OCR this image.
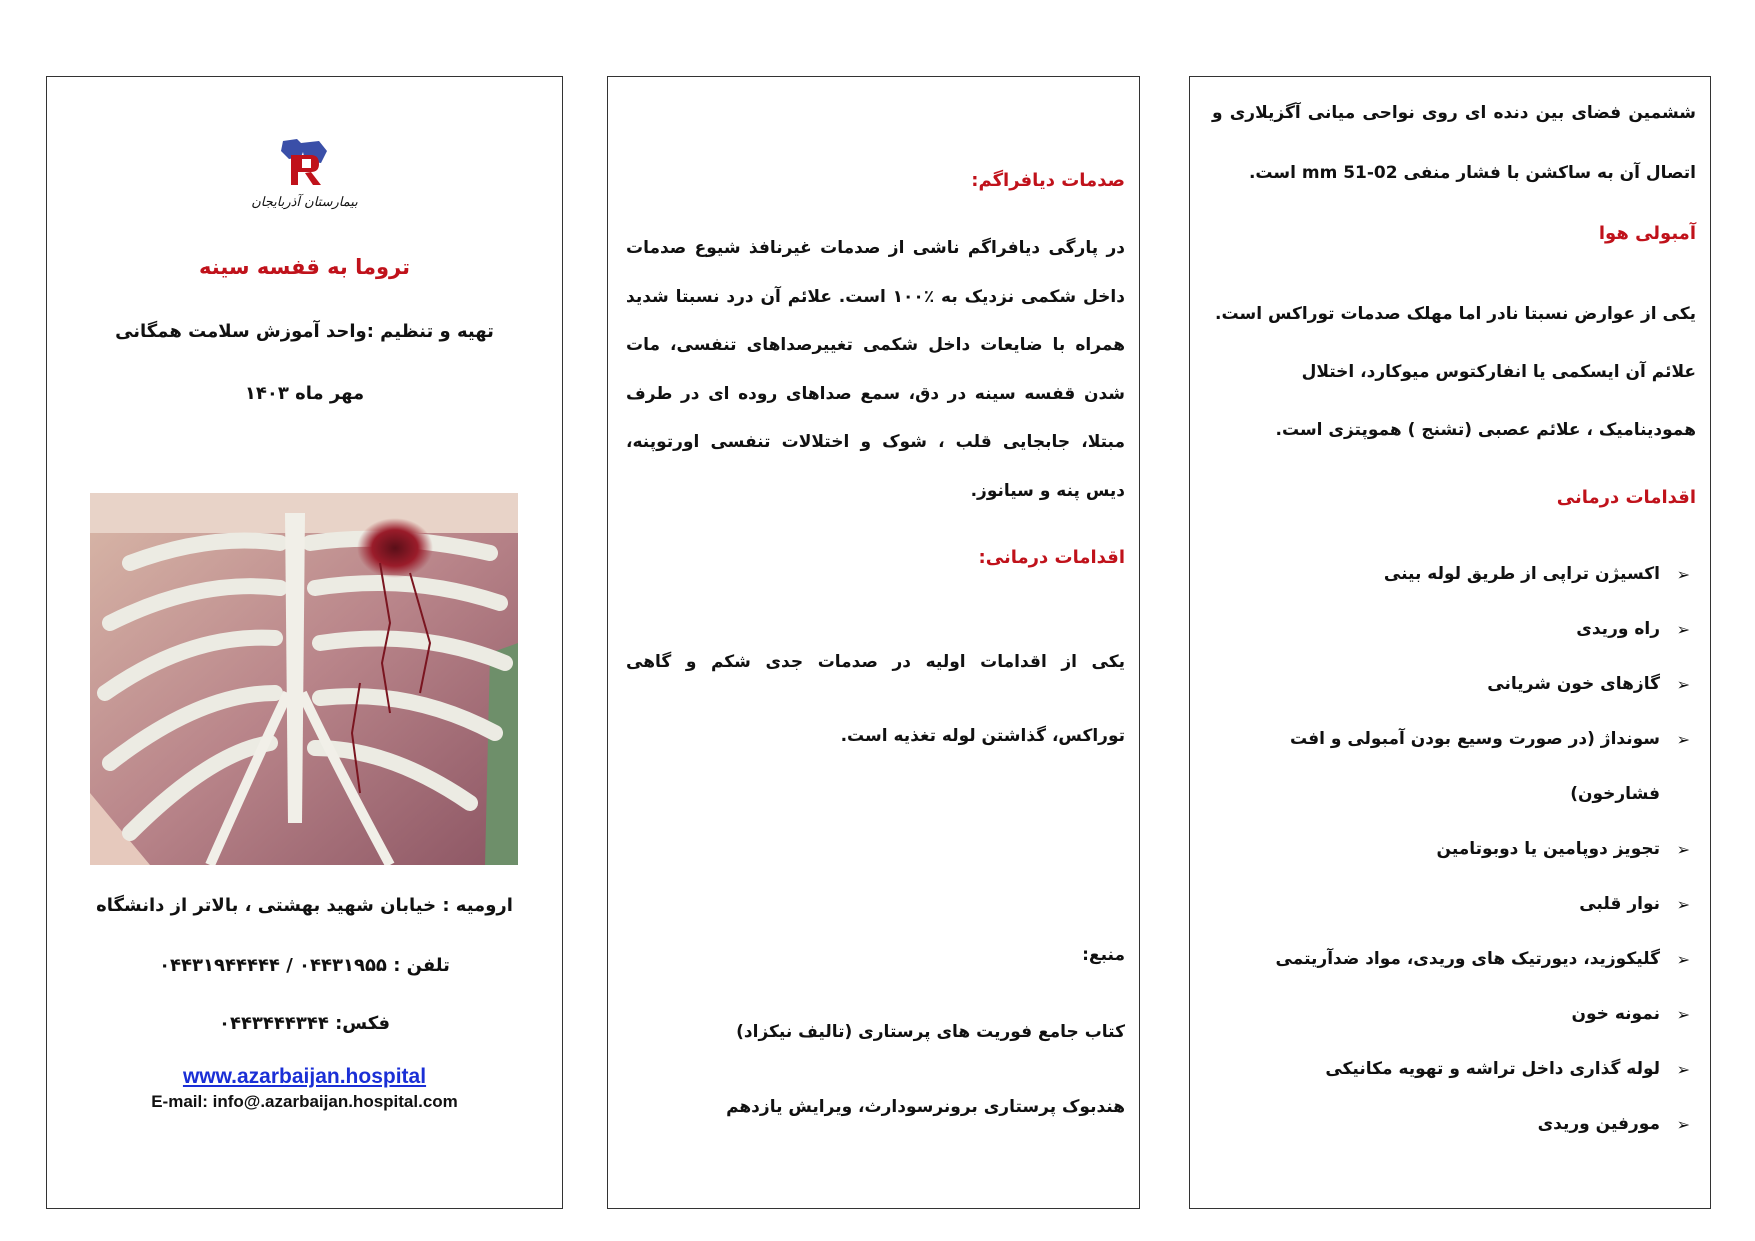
بیمارستان آذربایجان
تروما به قفسه سینه
تهیه و تنظیم :واحد آموزش سلامت همگانی
مهر ماه ۱۴۰۳
ارومیه : خیابان شهید بهشتی ، بالاتر از دانشگاه
تلفن : ۰۴۴۳۱۹۵۵ / ۰۴۴۳۱۹۴۴۴۴۴
فکس: ۰۴۴۳۴۴۴۳۴۴
www.azarbaijan.hospital
E-mail: info@.azarbaijan.hospital.com
صدمات دیافراگم:
در پارگی دیافراگم ناشی از صدمات غیرنافذ شیوع صدمات داخل شکمی نزدیک به ٪۱۰۰ است. علائم آن درد نسبتا شدید همراه با ضایعات داخل شکمی تغییرصداهای تنفسی، مات شدن قفسه سینه در دق، سمع صداهای روده ای در طرف مبتلا، جابجایی قلب ، شوک و اختلالات تنفسی اورتوپنه، دیس پنه و سیانوز.
اقدامات درمانی:
یکی از اقدامات اولیه در صدمات جدی شکم و گاهی توراکس، گذاشتن لوله تغذیه است.
منبع:
کتاب جامع فوریت های پرستاری (تالیف نیکزاد)
هندبوک پرستاری برونرسودارث، ویرایش یازدهم
ششمین فضای بین دنده ای روی نواحی میانی آگزیلاری و اتصال آن به ساکشن با فشار منفی mm 51-02 است.
آمبولی هوا
یکی از عوارض نسبتا نادر اما مهلک صدمات توراکس است. علائم آن ایسکمی یا انفارکتوس میوکارد، اختلال همودینامیک ، علائم عصبی (تشنج ) هموپتزی است.
اقدامات درمانی
➢
اکسیژن تراپی از طریق لوله بینی
➢
راه وریدی
➢
گازهای خون شریانی
➢
سونداژ (در صورت وسیع بودن آمبولی و افت فشارخون)
➢
تجویز دوپامین یا دوبوتامین
➢
نوار قلبی
➢
گلیکوزید، دیورتیک های وریدی، مواد ضدآریتمی
➢
نمونه خون
➢
لوله گذاری داخل تراشه و تهویه مکانیکی
➢
مورفین وریدی
